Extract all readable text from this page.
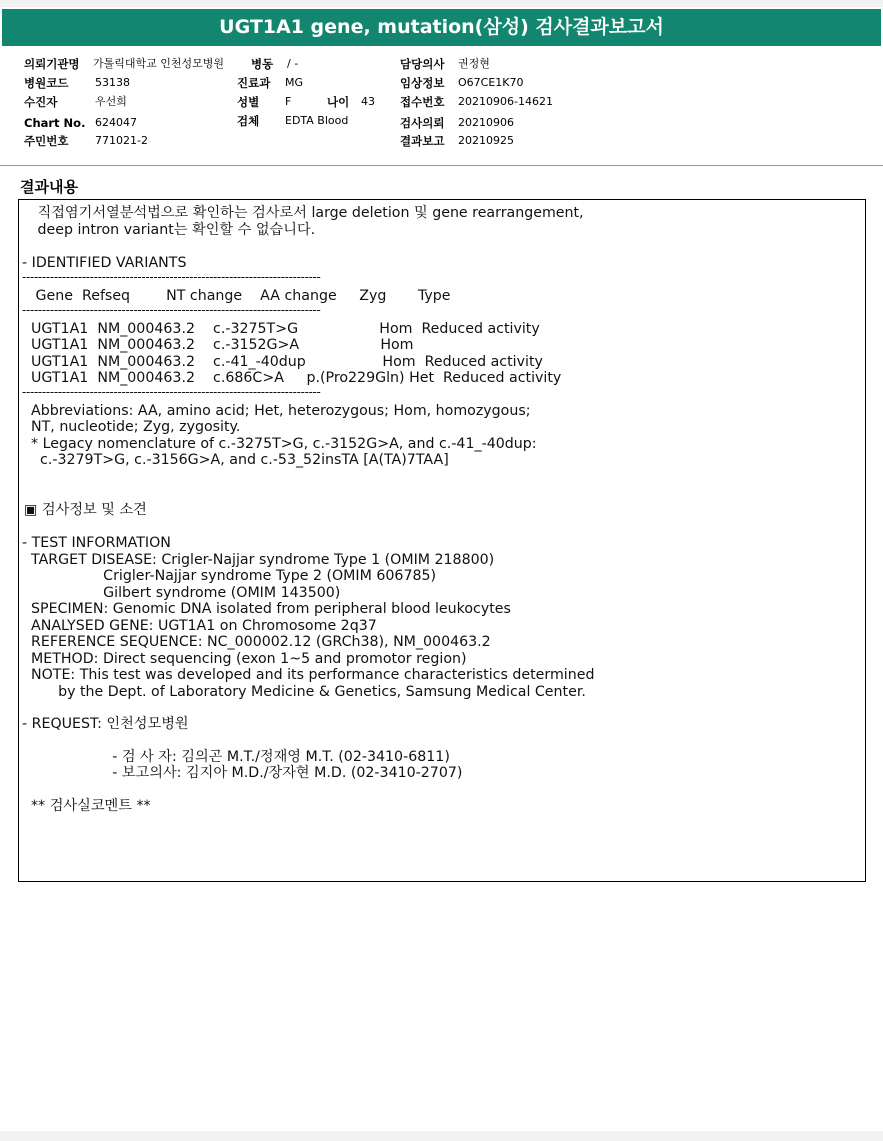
UGT1A1 gene, mutation(삼성) 검사결과보고서
의뢰기관명 가톨릭대학교 인천성모병원 병동 / -	담당의사 권정현
병원코드 53138	진료과 MG	임상정보 O67CE1K70
수진자	우선희	성별 F	나이 43 접수번호 20210906-14621
Chart No. 624047	검체 EDTA Blood	검사의뢰 20210906
주민번호 771021-2	결과보고 20210925
결과내용
직접염기서열분석법으로 확인하는 검사로서 large deletion 및 gene rearrangement,
deep intron variant는 확인할 수 없습니다.
- IDENTIFIED VARIANTS
---------------------------------------------------------------------------
Gene  Refseq        NT change    AA change     Zyg       Type
---------------------------------------------------------------------------
UGT1A1  NM_000463.2    c.-3275T>G                  Hom  Reduced activity
UGT1A1  NM_000463.2    c.-3152G>A                  Hom
UGT1A1  NM_000463.2    c.-41_-40dup                 Hom  Reduced activity
UGT1A1  NM_000463.2    c.686C>A     p.(Pro229Gln) Het  Reduced activity
---------------------------------------------------------------------------
Abbreviations: AA, amino acid; Het, heterozygous; Hom, homozygous;
NT, nucleotide; Zyg, zygosity.
* Legacy nomenclature of c.-3275T>G, c.-3152G>A, and c.-41_-40dup:
c.-3279T>G, c.-3156G>A, and c.-53_52insTA [A(TA)7TAA]
▣ 검사정보 및 소견
- TEST INFORMATION
TARGET DISEASE: Crigler-Najjar syndrome Type 1 (OMIM 218800)
Crigler-Najjar syndrome Type 2 (OMIM 606785)
Gilbert syndrome (OMIM 143500)
SPECIMEN: Genomic DNA isolated from peripheral blood leukocytes
ANALYSED GENE: UGT1A1 on Chromosome 2q37
REFERENCE SEQUENCE: NC_000002.12 (GRCh38), NM_000463.2
METHOD: Direct sequencing (exon 1~5 and promotor region)
NOTE: This test was developed and its performance characteristics determined
by the Dept. of Laboratory Medicine & Genetics, Samsung Medical Center.
- REQUEST: 인천성모병원
- 검 사 자: 김의곤 M.T./정재영 M.T. (02-3410-6811)
- 보고의사: 김지아 M.D./장자현 M.D. (02-3410-2707)
** 검사실코멘트 **
